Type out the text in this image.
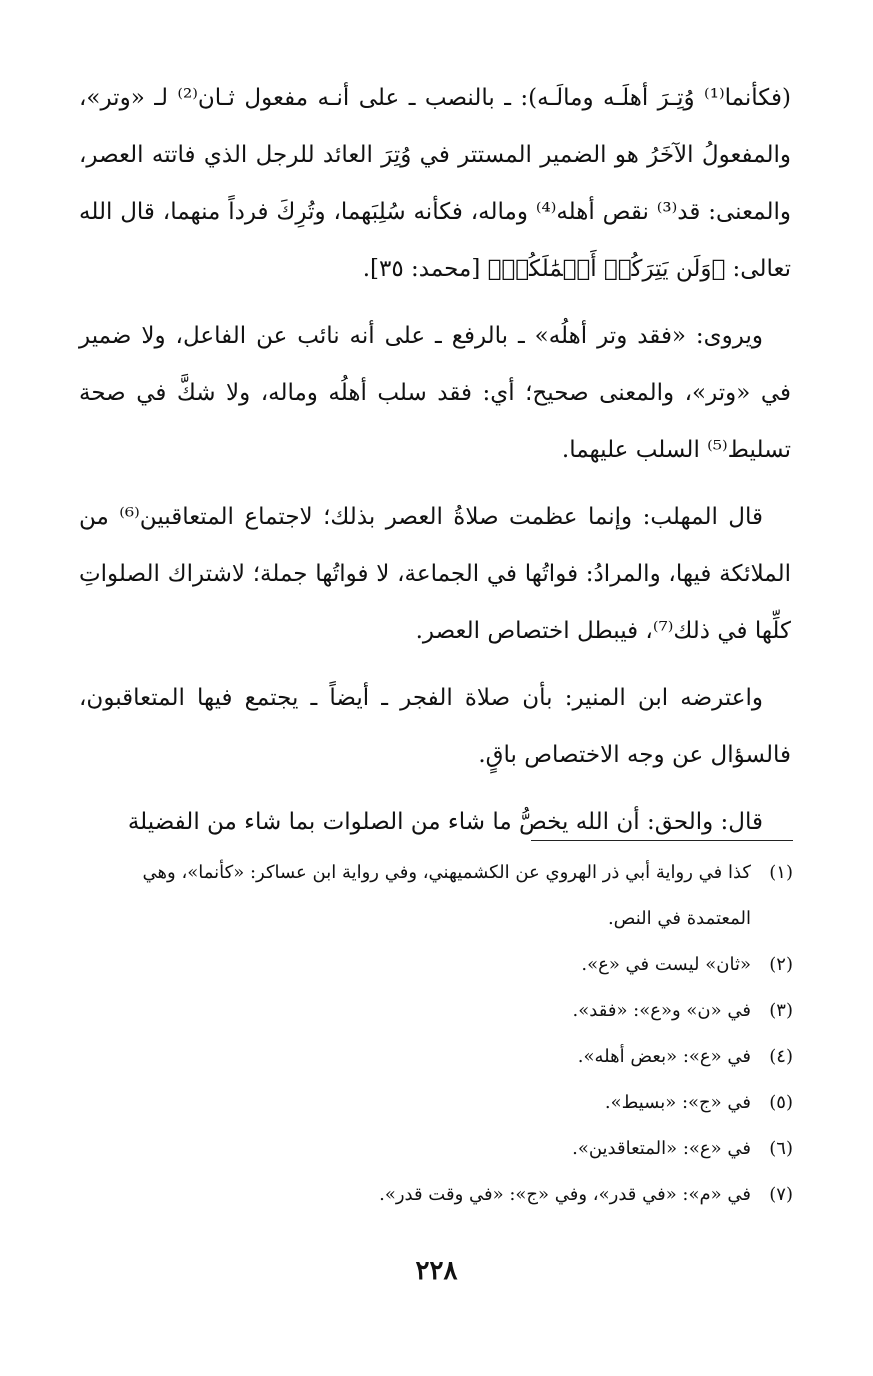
(فكأنما⁽¹⁾ وُتِـرَ أهلَـه ومالَـه): ـ بالنصب ـ على أنـه مفعول ثـان⁽²⁾ لـ «وتر»، والمفعولُ الآخَرُ هو الضمير المستتر في وُتِرَ العائد للرجل الذي فاتته العصر، والمعنى: قد⁽³⁾ نقص أهله⁽⁴⁾ وماله، فكأنه سُلِبَهما، وتُرِكَ فرداً منهما، قال الله تعالى: ﴿وَلَن يَتِرَكُمۡ أَعۡمَٰلَكُمۡ﴾ [محمد: ٣٥].

ويروى: «فقد وتر أهلُه» ـ بالرفع ـ على أنه نائب عن الفاعل، ولا ضمير في «وتر»، والمعنى صحيح؛ أي: فقد سلب أهلُه وماله، ولا شكَّ في صحة تسليط⁽⁵⁾ السلب عليهما.

قال المهلب: وإنما عظمت صلاةُ العصر بذلك؛ لاجتماع المتعاقبين⁽⁶⁾ من الملائكة فيها، والمرادُ: فواتُها في الجماعة، لا فواتُها جملة؛ لاشتراك الصلواتِ كلِّها في ذلك⁽⁷⁾، فيبطل اختصاص العصر.

واعترضه ابن المنير: بأن صلاة الفجر ـ أيضاً ـ يجتمع فيها المتعاقبون، فالسؤال عن وجه الاختصاص باقٍ.

قال: والحق: أن الله يخصُّ ما شاء من الصلوات بما شاء من الفضيلة

(١)
كذا في رواية أبي ذر الهروي عن الكشميهني، وفي رواية ابن عساكر: «كأنما»، وهي المعتمدة في النص.
(٢)
«ثان» ليست في «ع».
(٣)
في «ن» و«ع»: «فقد».
(٤)
في «ع»: «بعض أهله».
(٥)
في «ج»: «بسيط».
(٦)
في «ع»: «المتعاقدين».
(٧)
في «م»: «في قدر»، وفي «ج»: «في وقت قدر».
٢٢٨
